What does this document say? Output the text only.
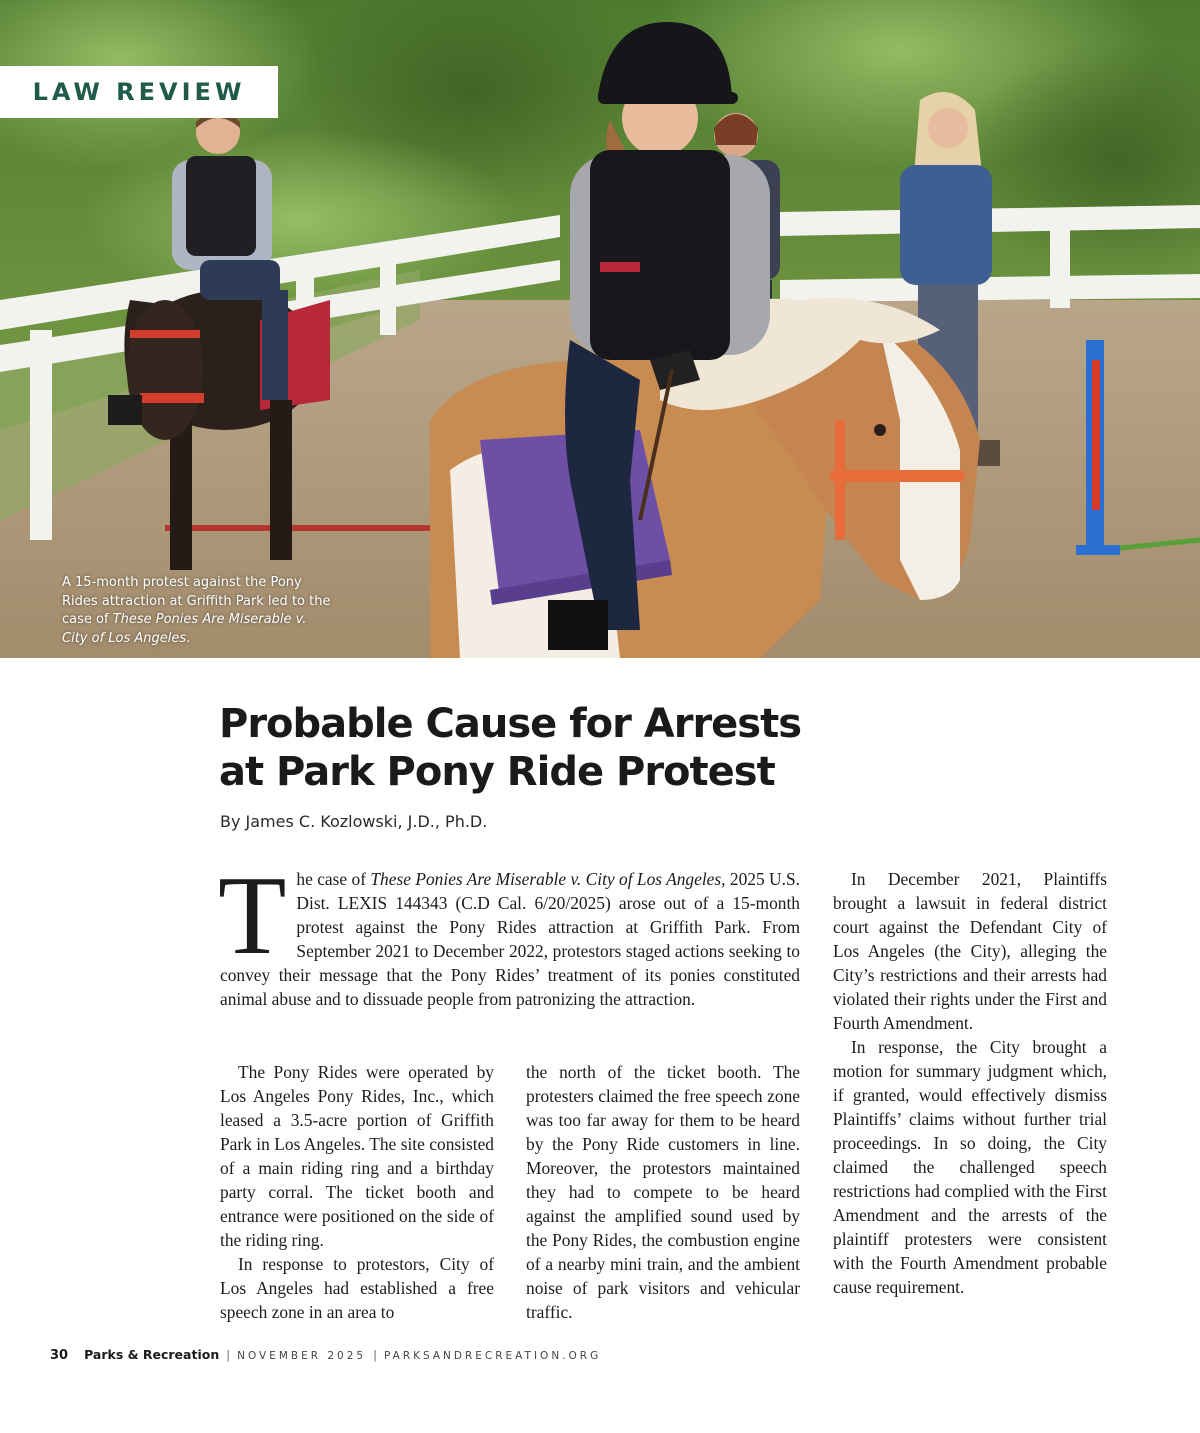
LAW REVIEW
A 15-month protest against the Pony Rides attraction at Griffith Park led to the case of These Ponies Are Miserable v. City of Los Angeles.
Probable Cause for Arrests
at Park Pony Ride Protest
By James C. Kozlowski, J.D., Ph.D.

The case of These Ponies Are Miserable v. City of Los Angeles, 2025 U.S. Dist. LEXIS 144343 (C.D Cal. 6/20/2025) arose out of a 15-month protest against the Pony Rides attraction at Griffith Park. From September 2021 to December 2022, protestors staged actions seeking to convey their message that the Pony Rides’ treatment of its ponies constituted animal abuse and to dissuade people from patronizing the attraction.

The Pony Rides were operated by Los Angeles Pony Rides, Inc., which leased a 3.5-acre portion of Griffith Park in Los Angeles. The site consisted of a main riding ring and a birthday party corral. The ticket booth and entrance were positioned on the side of the riding ring.

In response to protestors, City of Los Angeles had established a free speech zone in an area to

the north of the ticket booth. The protesters claimed the free speech zone was too far away for them to be heard by the Pony Ride customers in line. Moreover, the protestors maintained they had to compete to be heard against the amplified sound used by the Pony Rides, the combustion engine of a nearby mini train, and the ambient noise of park visitors and vehicular traffic.

In December 2021, Plaintiffs brought a lawsuit in federal district court against the Defendant City of Los Angeles (the City), alleging the City’s restrictions and their arrests had violated their rights under the First and Fourth Amendment.

In response, the City brought a motion for summary judgment which, if granted, would effectively dismiss Plaintiffs’ claims without further trial proceedings. In so doing, the City claimed the challenged speech restrictions had complied with the First Amendment and the arrests of the plaintiff protesters were consistent with the Fourth Amendment probable cause requirement.

30 Parks & Recreation | NOVEMBER 2025 | PARKSANDRECREATION.ORG
